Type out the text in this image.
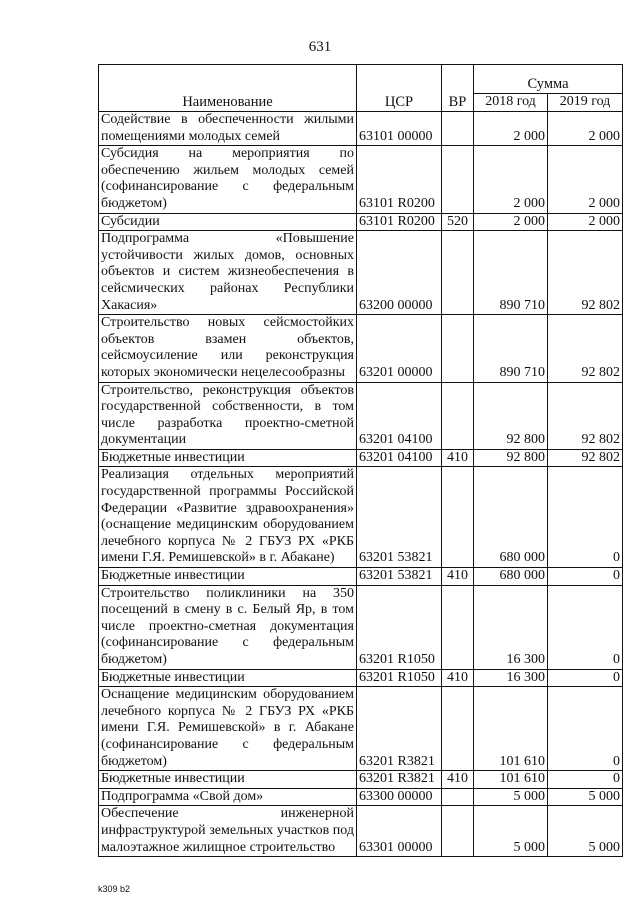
631
Наименование	ЦСР	ВР	Сумма	
			2018 год	2019 год
Содействие в обеспеченности жилыми помещениями молодых семей	63101 00000		2 000	2 000
Субсидия на мероприятия по обеспечению жильем молодых семей (софинансирование с федеральным бюджетом)	63101 R0200		2 000	2 000
Субсидии	63101 R0200	520	2 000	2 000
Подпрограмма «Повышение устойчивости жилых домов, основных объектов и систем жизнеобеспечения в сейсмических районах Республики Хакасия»	63200 00000		890 710	92 802
Строительство новых сейсмостойких объектов взамен объектов, сейсмоусиление или реконструкция которых экономически нецелесообразны	63201 00000		890 710	92 802
Строительство, реконструкция объектов государственной собственности, в том числе разработка проектно-сметной документации	63201 04100		92 800	92 802
Бюджетные инвестиции	63201 04100	410	92 800	92 802
Реализация отдельных мероприятий государственной программы Российской Федерации «Развитие здравоохранения» (оснащение медицинским оборудованием лечебного корпуса № 2 ГБУЗ РХ «РКБ имени Г.Я. Ремишевской» в г. Абакане)	63201 53821		680 000	0
Бюджетные инвестиции	63201 53821	410	680 000	0
Строительство поликлиники на 350 посещений в смену в с. Белый Яр, в том числе проектно-сметная документация (софинансирование с федеральным бюджетом)	63201 R1050		16 300	0
Бюджетные инвестиции	63201 R1050	410	16 300	0
Оснащение медицинским оборудованием лечебного корпуса № 2 ГБУЗ РХ «РКБ имени Г.Я. Ремишевской» в г. Абакане (софинансирование с федеральным бюджетом)	63201 R3821		101 610	0
Бюджетные инвестиции	63201 R3821	410	101 610	0
Подпрограмма «Свой дом»	63300 00000		5 000	5 000
Обеспечение инженерной инфраструктурой земельных участков под малоэтажное жилищное строительство	63301 00000		5 000	5 000
k309 b2
